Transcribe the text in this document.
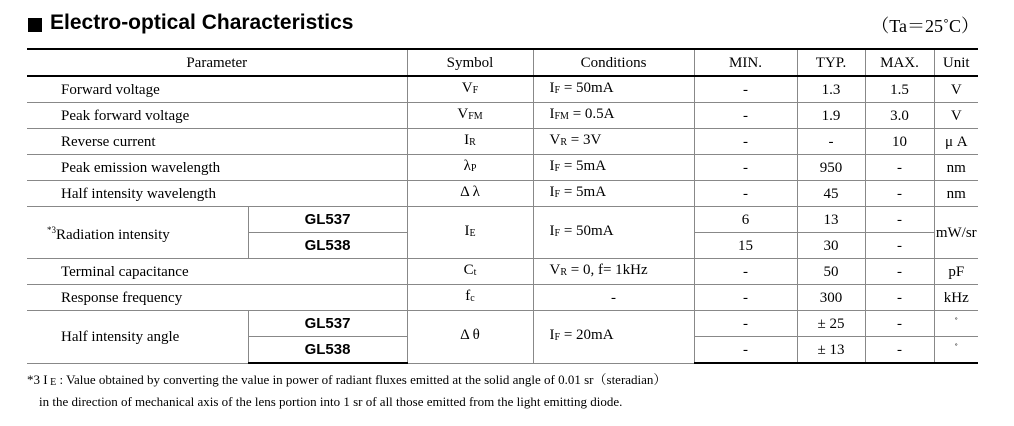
Electro-optical Characteristics	（Ta＝25˚C）
Parameter		Symbol	Conditions	MIN.	TYP.	MAX.	Unit
Forward voltage		$V_F$	$I_F = 50mA$	-	1.3	1.5	V
Peak forward voltage		$V_{FM}$	$I_{FM} = 0.5A$	-	1.9	3.0	V
Reverse current		$I_R$	$V_R = 3V$	-	-	10	μ A
Peak emission wavelength		$\lambda_P$	$I_F = 5mA$	-	950	-	nm
Half intensity wavelength		Δ λ	$I_F = 5mA$	-	45	-	nm
$^{*3}$Radiation intensity	GL537	$I_E$	$I_F = 50mA$	6	13	-	mW/sr
	GL538			15	30	-	
Terminal capacitance		$C_t$	$V_R = 0$, f= 1kHz	-	50	-	pF
Response frequency		$f_c$	-	-	300	-	kHz
Half intensity angle	GL537	Δ θ	$I_F = 20mA$	-	± 25	-	˚
	GL538			-	± 13	-	˚
*3 I $_E$ : Value obtained by converting the value in power of radiant fluxes emitted at the solid angle of 0.01 sr（steradian）
in the direction of mechanical axis of the lens portion into 1 sr of all those emitted from the light emitting diode.
